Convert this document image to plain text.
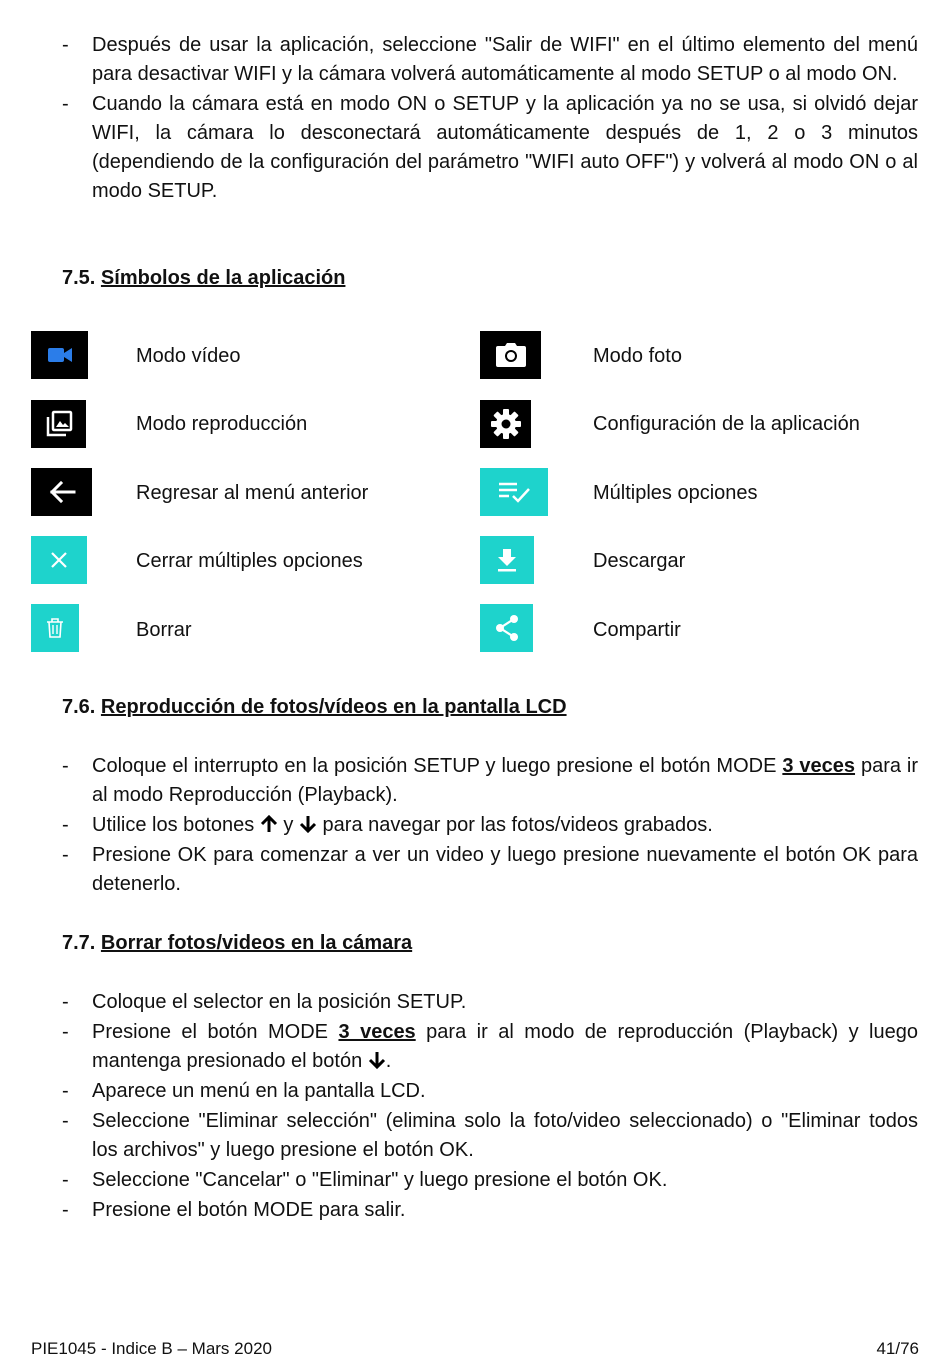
- Después de usar la aplicación, seleccione "Salir de WIFI" en el último elemento del menú para desactivar WIFI y la cámara volverá automáticamente al modo SETUP o al modo ON.
- Cuando la cámara está en modo ON o SETUP y la aplicación ya no se usa, si olvidó dejar WIFI, la cámara lo desconectará automáticamente después de 1, 2 o 3 minutos (dependiendo de la configuración del parámetro "WIFI auto OFF") y volverá al modo ON o al modo SETUP.
7.5. Símbolos de la aplicación
Modo vídeo	Modo foto
Modo reproducción	Configuración de la aplicación
Regresar al menú anterior	Múltiples opciones
Cerrar múltiples opciones	Descargar
Borrar	Compartir
7.6. Reproducción de fotos/vídeos en la pantalla LCD
- Coloque el interrupto en la posición SETUP y luego presione el botón MODE 3 veces para ir al modo Reproducción (Playback).
- Utilice los botones  y  para navegar por las fotos/videos grabados.
- Presione OK para comenzar a ver un video y luego presione nuevamente el botón OK para detenerlo.
7.7. Borrar fotos/videos en la cámara
- Coloque el selector en la posición SETUP.
- Presione el botón MODE 3 veces para ir al modo de reproducción (Playback) y luego mantenga presionado el botón .
- Aparece un menú en la pantalla LCD.
- Seleccione "Eliminar selección" (elimina solo la foto/video seleccionado) o "Eliminar todos los archivos" y luego presione el botón OK.
- Seleccione "Cancelar" o "Eliminar" y luego presione el botón OK.
- Presione el botón MODE para salir.
PIE1045 - Indice B – Mars 2020	41/76
